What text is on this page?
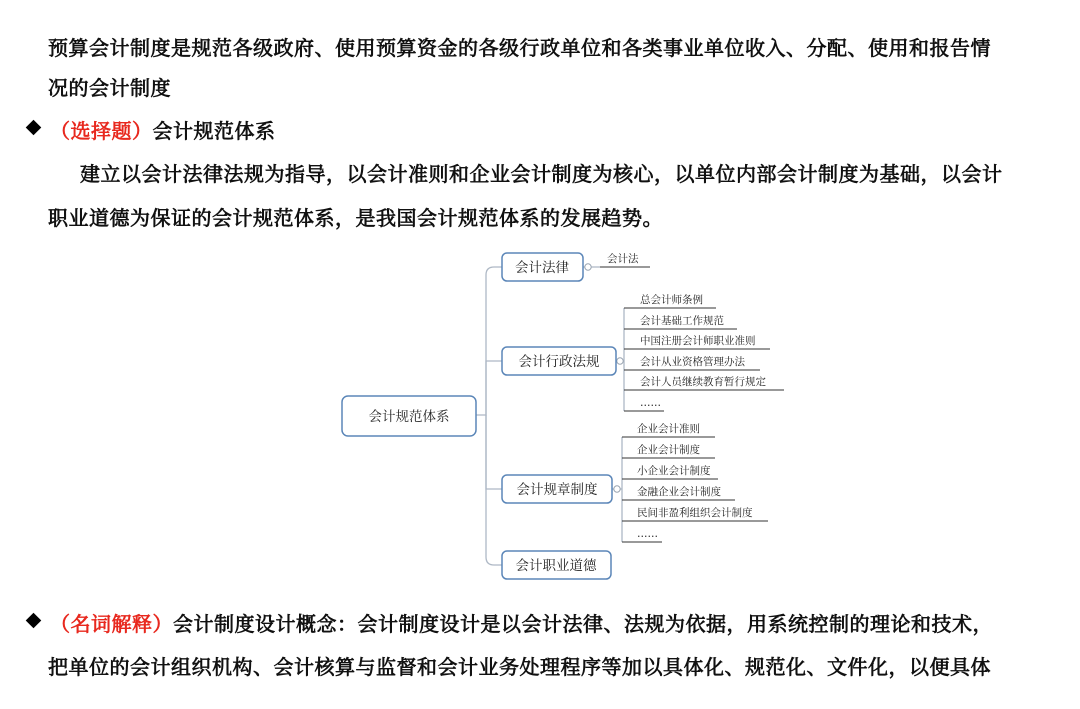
预算会计制度是规范各级政府、使用预算资金的各级行政单位和各类事业单位收入、分配、使用和报告情
况的会计制度
（选择题）会计规范体系
建立以会计法律法规为指导，以会计准则和企业会计制度为核心，以单位内部会计制度为基础，以会计
职业道德为保证的会计规范体系，是我国会计规范体系的发展趋势。
会计规范体系
会计法律
会计行政法规
会计规章制度
会计职业道德
会计法
总会计师条例
会计基础工作规范
中国注册会计师职业准则
会计从业资格管理办法
会计人员继续教育暂行规定
……
企业会计准则
企业会计制度
小企业会计制度
金融企业会计制度
民间非盈利组织会计制度
……
（名词解释）会计制度设计概念：会计制度设计是以会计法律、法规为依据，用系统控制的理论和技术，
把单位的会计组织机构、会计核算与监督和会计业务处理程序等加以具体化、规范化、文件化，以便具体
